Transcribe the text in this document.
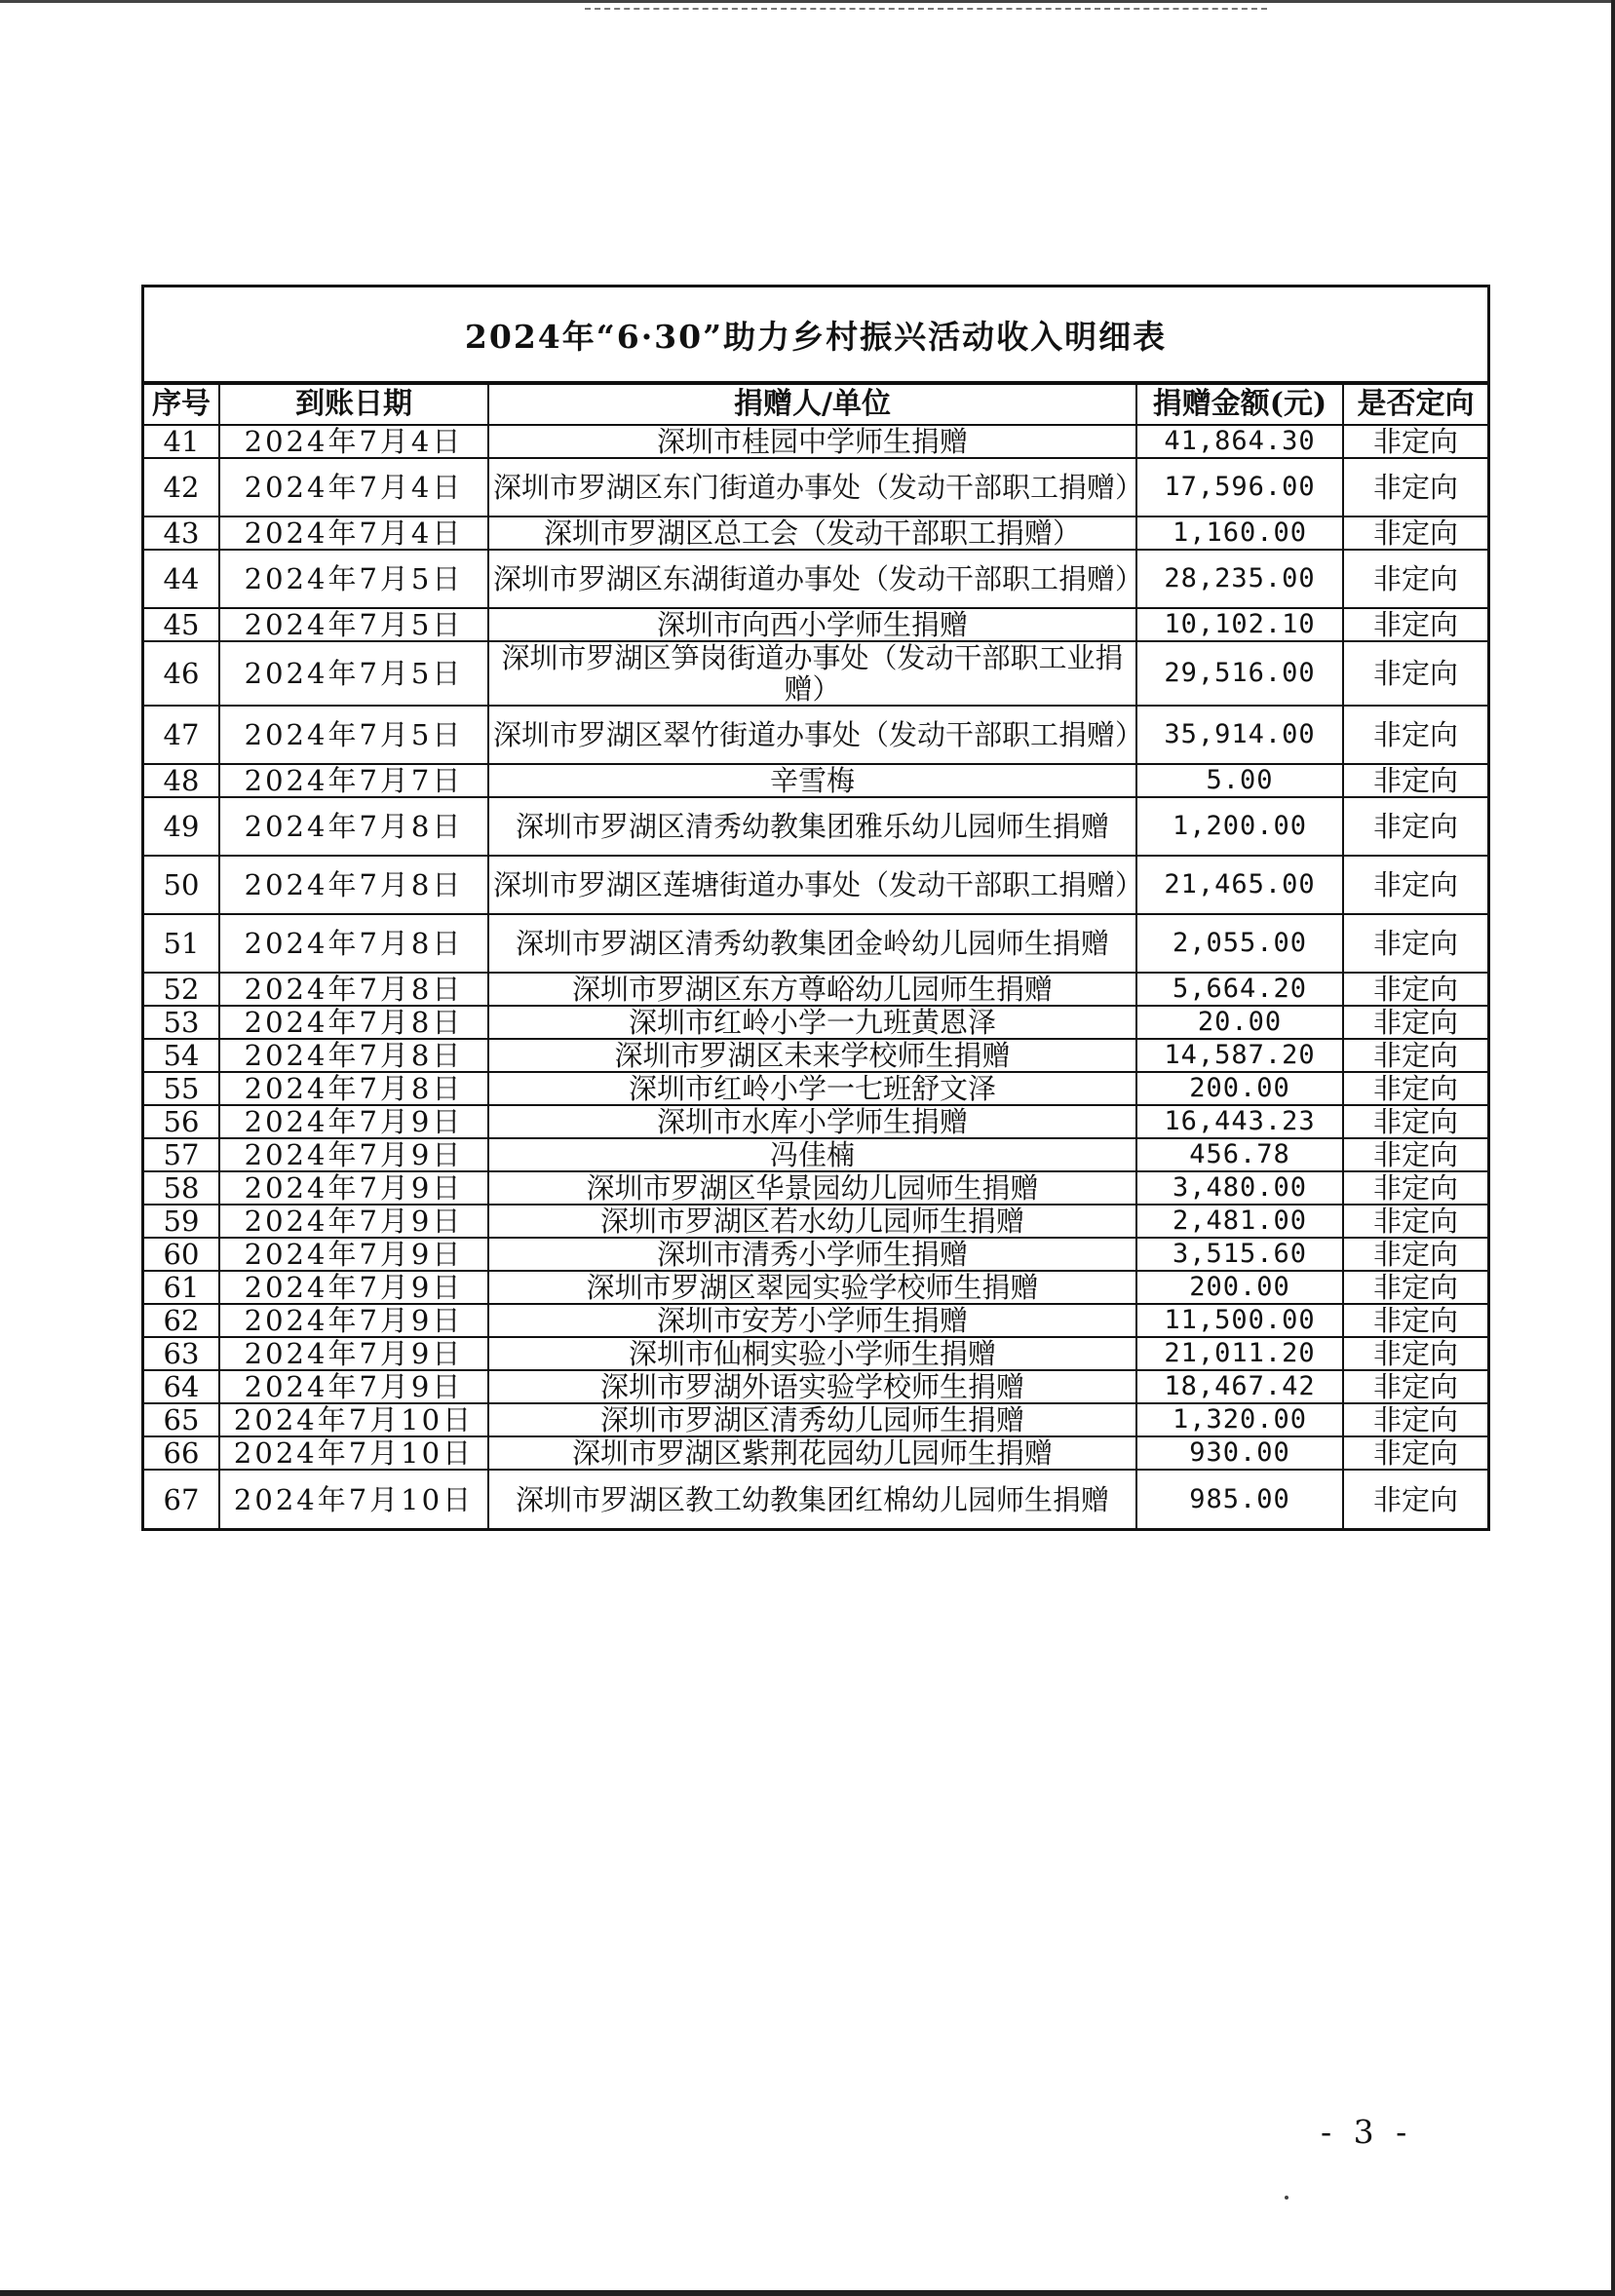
2024年“6·30”助力乡村振兴活动收入明细表
序号	到账日期	捐赠人/单位	捐赠金额(元)	是否定向
41	2024年7月4日	深圳市桂园中学师生捐赠	41,864.30	非定向
42	2024年7月4日	深圳市罗湖区东门街道办事处（发动干部职工捐赠）	17,596.00	非定向
43	2024年7月4日	深圳市罗湖区总工会（发动干部职工捐赠）	1,160.00	非定向
44	2024年7月5日	深圳市罗湖区东湖街道办事处（发动干部职工捐赠）	28,235.00	非定向
45	2024年7月5日	深圳市向西小学师生捐赠	10,102.10	非定向
46	2024年7月5日	深圳市罗湖区笋岗街道办事处（发动干部职工业捐赠）	29,516.00	非定向
47	2024年7月5日	深圳市罗湖区翠竹街道办事处（发动干部职工捐赠）	35,914.00	非定向
48	2024年7月7日	辛雪梅	5.00	非定向
49	2024年7月8日	深圳市罗湖区清秀幼教集团雅乐幼儿园师生捐赠	1,200.00	非定向
50	2024年7月8日	深圳市罗湖区莲塘街道办事处（发动干部职工捐赠）	21,465.00	非定向
51	2024年7月8日	深圳市罗湖区清秀幼教集团金岭幼儿园师生捐赠	2,055.00	非定向
52	2024年7月8日	深圳市罗湖区东方尊峪幼儿园师生捐赠	5,664.20	非定向
53	2024年7月8日	深圳市红岭小学一九班黄恩泽	20.00	非定向
54	2024年7月8日	深圳市罗湖区未来学校师生捐赠	14,587.20	非定向
55	2024年7月8日	深圳市红岭小学一七班舒文泽	200.00	非定向
56	2024年7月9日	深圳市水库小学师生捐赠	16,443.23	非定向
57	2024年7月9日	冯佳楠	456.78	非定向
58	2024年7月9日	深圳市罗湖区华景园幼儿园师生捐赠	3,480.00	非定向
59	2024年7月9日	深圳市罗湖区若水幼儿园师生捐赠	2,481.00	非定向
60	2024年7月9日	深圳市清秀小学师生捐赠	3,515.60	非定向
61	2024年7月9日	深圳市罗湖区翠园实验学校师生捐赠	200.00	非定向
62	2024年7月9日	深圳市安芳小学师生捐赠	11,500.00	非定向
63	2024年7月9日	深圳市仙桐实验小学师生捐赠	21,011.20	非定向
64	2024年7月9日	深圳市罗湖外语实验学校师生捐赠	18,467.42	非定向
65	2024年7月10日	深圳市罗湖区清秀幼儿园师生捐赠	1,320.00	非定向
66	2024年7月10日	深圳市罗湖区紫荆花园幼儿园师生捐赠	930.00	非定向
67	2024年7月10日	深圳市罗湖区教工幼教集团红棉幼儿园师生捐赠	985.00	非定向
- 3 -
